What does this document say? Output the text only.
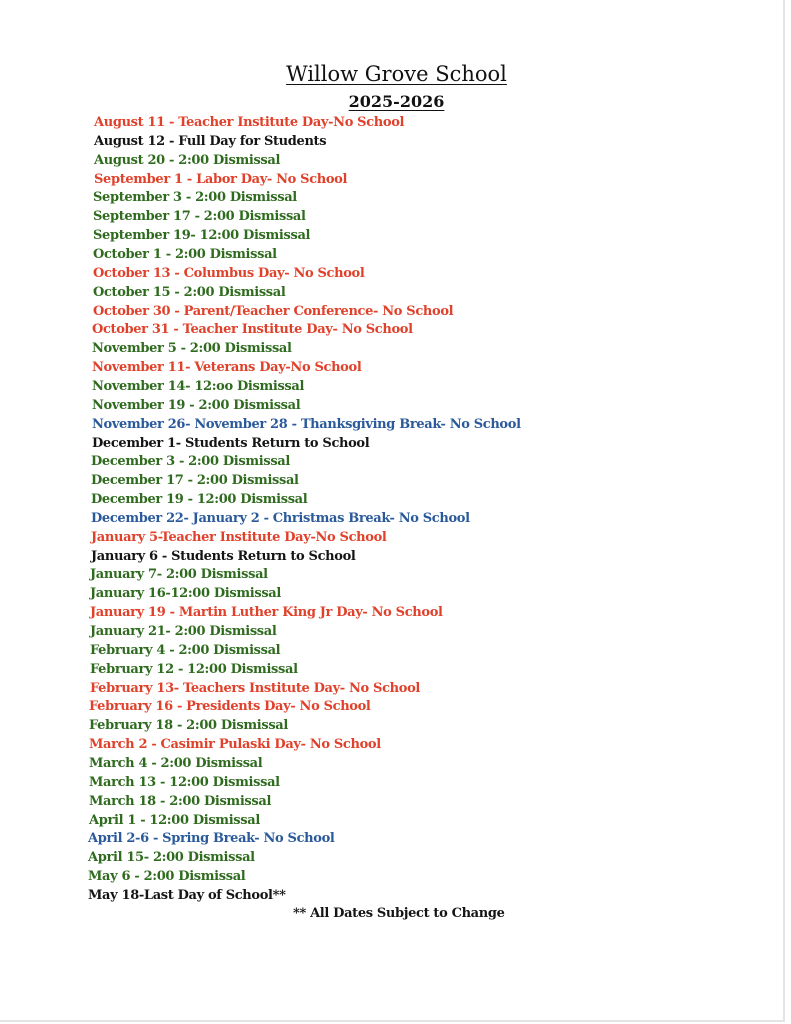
Willow Grove School
2025-2026
August 11 - Teacher Institute Day-No School
August 12 - Full Day for Students
August 20 - 2:00 Dismissal
September 1 - Labor Day- No School
September 3 - 2:00 Dismissal
September 17 - 2:00 Dismissal
September 19- 12:00 Dismissal
October 1 - 2:00 Dismissal
October 13 - Columbus Day- No School
October 15 - 2:00 Dismissal
October 30 - Parent/Teacher Conference- No School
October 31 - Teacher Institute Day- No School
November 5 - 2:00 Dismissal
November 11- Veterans Day-No School
November 14- 12:oo Dismissal
November 19 - 2:00 Dismissal
November 26- November 28 - Thanksgiving Break- No School
December 1- Students Return to School
December 3 - 2:00 Dismissal
December 17 - 2:00 Dismissal
December 19 - 12:00 Dismissal
December 22- January 2 - Christmas Break- No School
January 5-Teacher Institute Day-No School
January 6 - Students Return to School
January 7- 2:00 Dismissal
January 16-12:00 Dismissal
January 19 - Martin Luther King Jr Day- No School
January 21- 2:00 Dismissal
February 4 - 2:00 Dismissal
February 12 - 12:00 Dismissal
February 13- Teachers Institute Day- No School
February 16 - Presidents Day- No School
February 18 - 2:00 Dismissal
March 2 - Casimir Pulaski Day- No School
March 4 - 2:00 Dismissal
March 13 - 12:00 Dismissal
March 18 - 2:00 Dismissal
April 1 - 12:00 Dismissal
April 2-6 - Spring Break- No School
April 15- 2:00 Dismissal
May 6 - 2:00 Dismissal
May 18-Last Day of School**
** All Dates Subject to Change
